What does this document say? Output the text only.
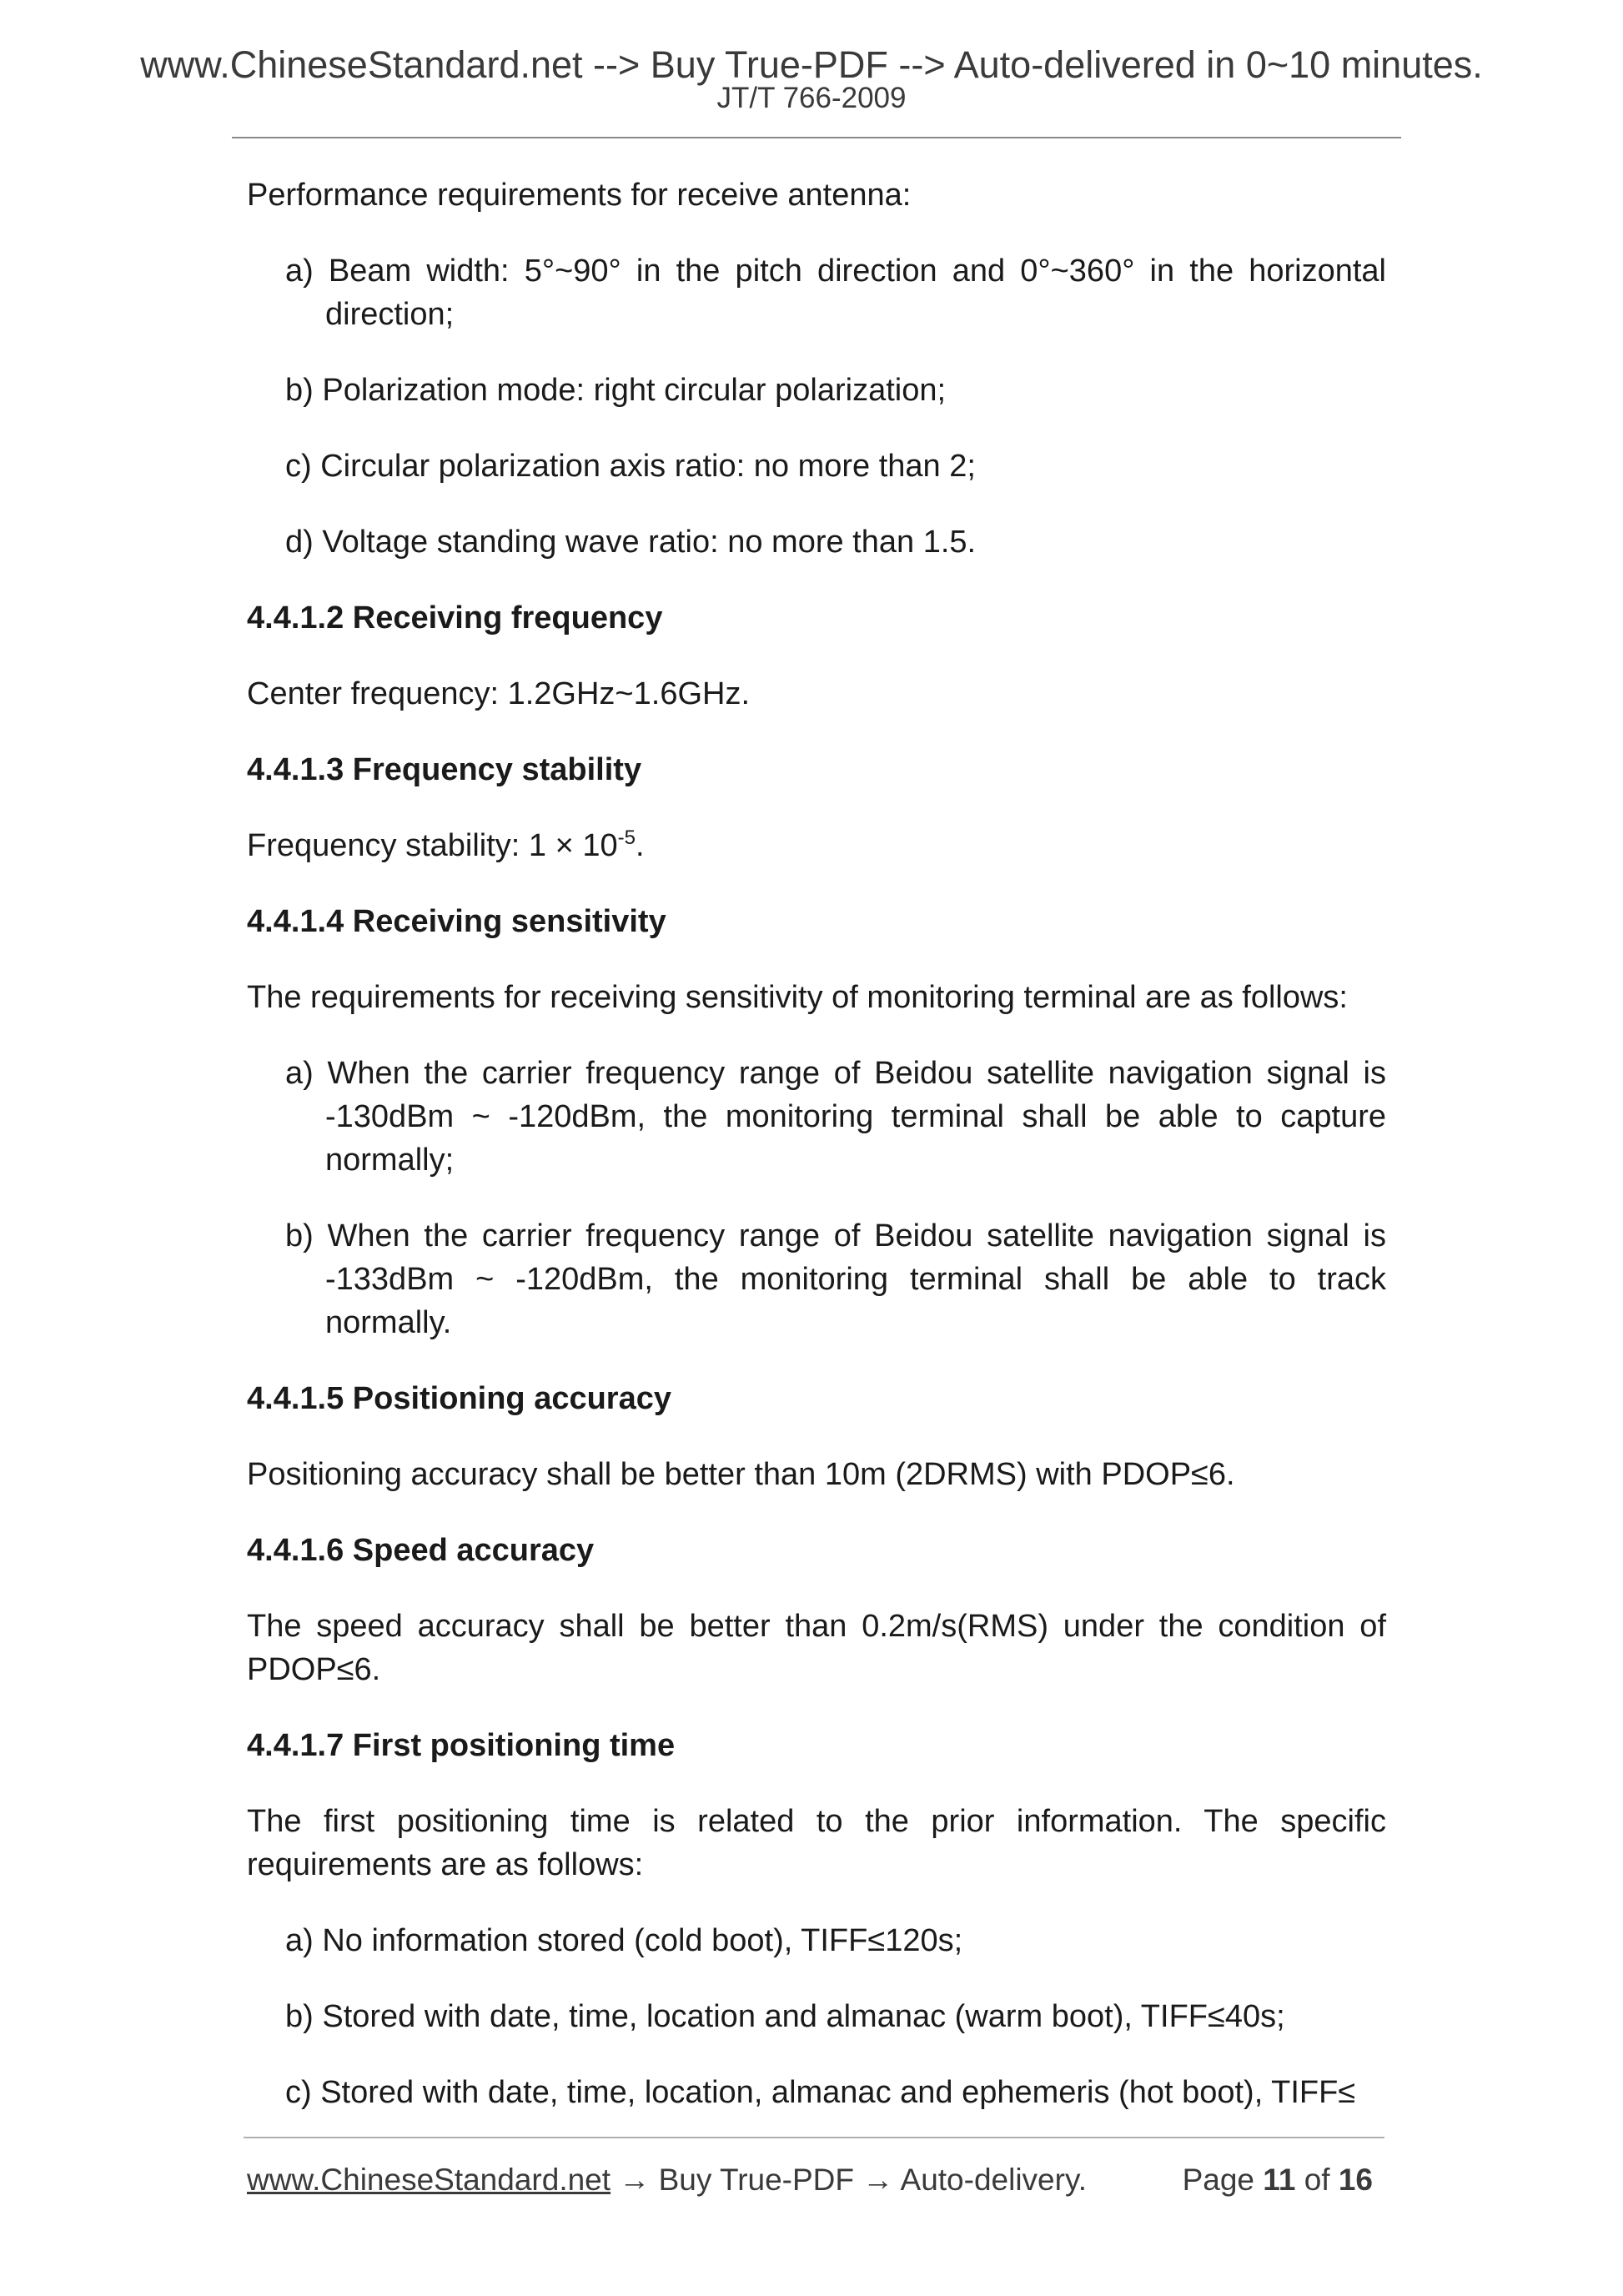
www.ChineseStandard.net --> Buy True-PDF --> Auto-delivered in 0~10 minutes.
JT/T 766-2009

Performance requirements for receive antenna:

a) Beam width: 5°~90° in the pitch direction and 0°~360° in the horizontal direction;

b) Polarization mode: right circular polarization;

c) Circular polarization axis ratio: no more than 2;

d) Voltage standing wave ratio: no more than 1.5.

4.4.1.2 Receiving frequency

Center frequency: 1.2GHz~1.6GHz.

4.4.1.3 Frequency stability

Frequency stability: $1 \times 10^{-5}$.

4.4.1.4 Receiving sensitivity

The requirements for receiving sensitivity of monitoring terminal are as follows:

a) When the carrier frequency range of Beidou satellite navigation signal is -130dBm ~ -120dBm, the monitoring terminal shall be able to capture normally;

b) When the carrier frequency range of Beidou satellite navigation signal is -133dBm ~ -120dBm, the monitoring terminal shall be able to track normally.

4.4.1.5 Positioning accuracy

Positioning accuracy shall be better than 10m (2DRMS) with PDOP≤6.

4.4.1.6 Speed accuracy

The speed accuracy shall be better than 0.2m/s(RMS) under the condition of PDOP≤6.

4.4.1.7 First positioning time

The first positioning time is related to the prior information. The specific requirements are as follows:

a) No information stored (cold boot), TIFF≤120s;

b) Stored with date, time, location and almanac (warm boot), TIFF≤40s;

c) Stored with date, time, location, almanac and ephemeris (hot boot), TIFF≤

www.ChineseStandard.net → Buy True-PDF → Auto-delivery.	Page 11 of 16
